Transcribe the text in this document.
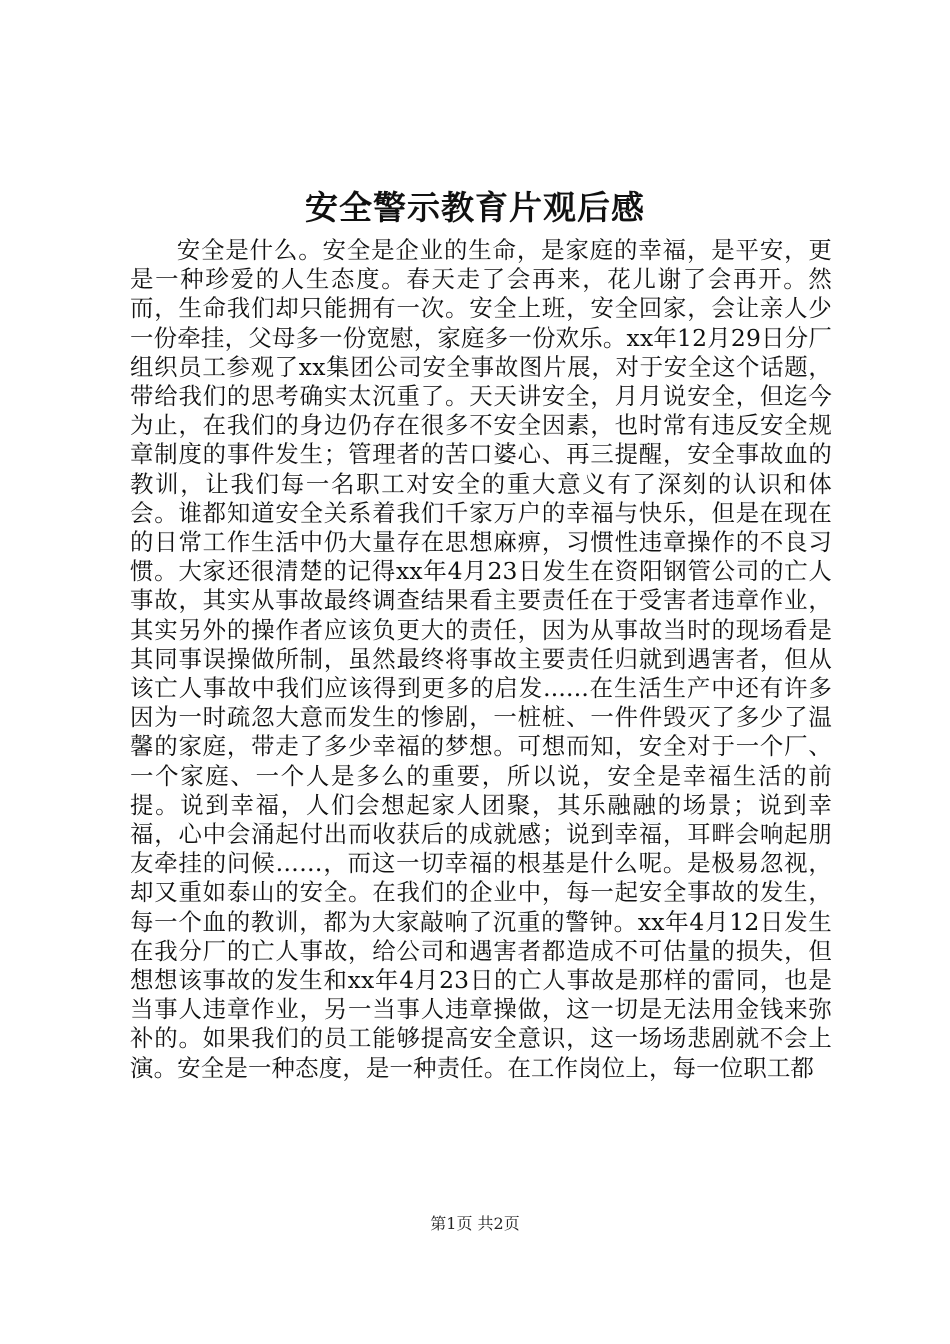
安全警示教育片观后感
安全是什么。安全是企业的生命，是家庭的幸福，是平安，更是一种珍爱的人生态度。春天走了会再来，花儿谢了会再开。然而，生命我们却只能拥有一次。安全上班，安全回家，会让亲人少一份牵挂，父母多一份宽慰，家庭多一份欢乐。xx年12月29日分厂组织员工参观了xx集团公司安全事故图片展，对于安全这个话题，带给我们的思考确实太沉重了。天天讲安全，月月说安全，但迄今为止，在我们的身边仍存在很多不安全因素，也时常有违反安全规章制度的事件发生；管理者的苦口婆心、再三提醒，安全事故血的教训，让我们每一名职工对安全的重大意义有了深刻的认识和体会。谁都知道安全关系着我们千家万户的幸福与快乐，但是在现在的日常工作生活中仍大量存在思想麻痹，习惯性违章操作的不良习惯。大家还很清楚的记得xx年4月23日发生在资阳钢管公司的亡人事故，其实从事故最终调查结果看主要责任在于受害者违章作业，其实另外的操作者应该负更大的责任，因为从事故当时的现场看是其同事误操做所制，虽然最终将事故主要责任归就到遇害者，但从该亡人事故中我们应该得到更多的启发......在生活生产中还有许多因为一时疏忽大意而发生的惨剧，一桩桩、一件件毁灭了多少了温馨的家庭，带走了多少幸福的梦想。可想而知，安全对于一个厂、一个家庭、一个人是多么的重要，所以说，安全是幸福生活的前提。说到幸福，人们会想起家人团聚，其乐融融的场景；说到幸福，心中会涌起付出而收获后的成就感；说到幸福，耳畔会响起朋友牵挂的问候……，而这一切幸福的根基是什么呢。是极易忽视，却又重如泰山的安全。在我们的企业中，每一起安全事故的发生，每一个血的教训，都为大家敲响了沉重的警钟。xx年4月12日发生在我分厂的亡人事故，给公司和遇害者都造成不可估量的损失，但想想该事故的发生和xx年4月23日的亡人事故是那样的雷同，也是当事人违章作业，另一当事人违章操做，这一切是无法用金钱来弥补的。如果我们的员工能够提高安全意识，这一场场悲剧就不会上演。安全是一种态度，是一种责任。在工作岗位上，每一位职工都
第1页 共2页
